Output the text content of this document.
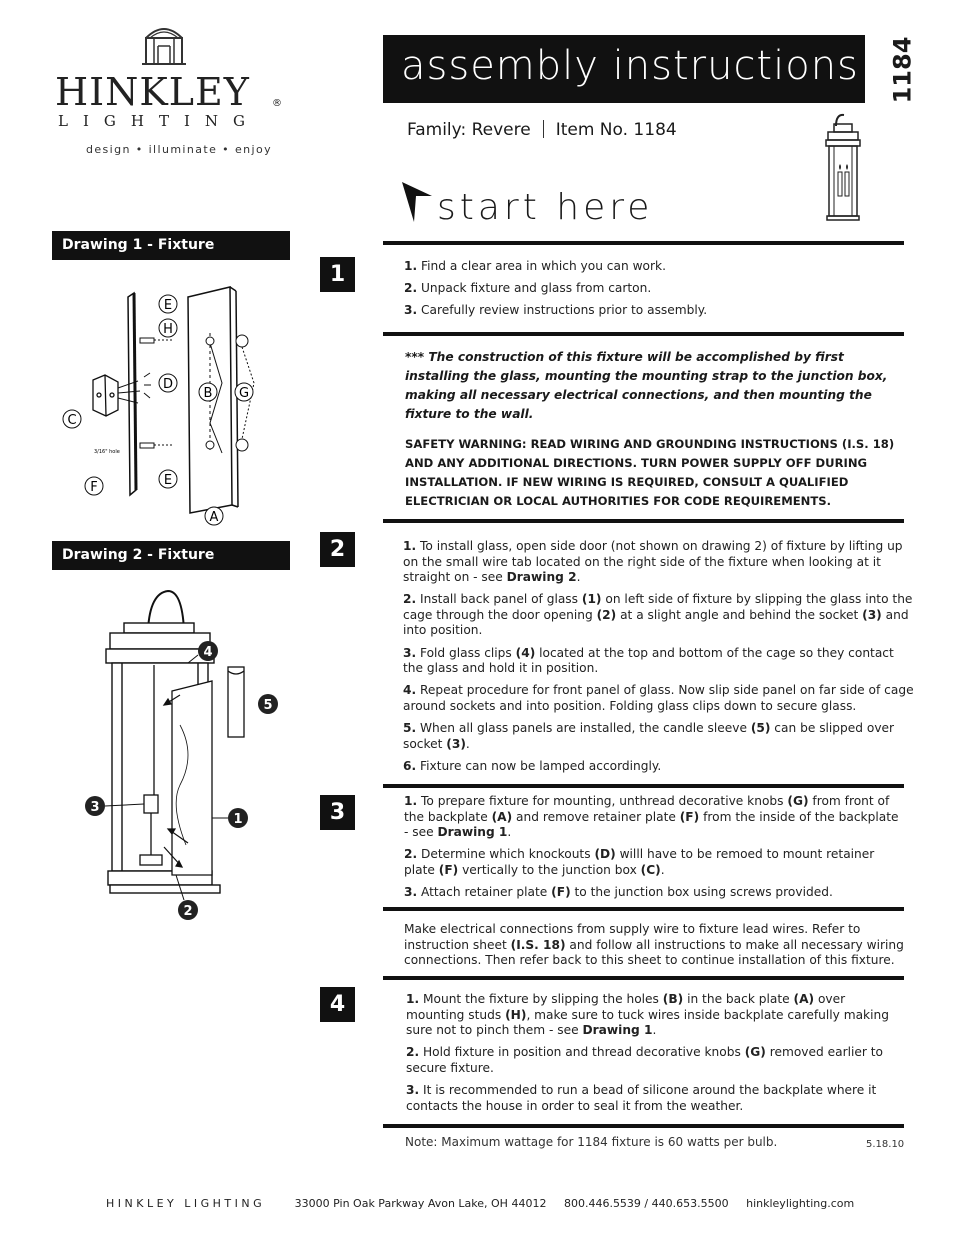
HINKLEY ®
LIGHTING
design • illuminate • enjoy
assembly instructions 1184
Family: Revere Item No. 1184
start here
Drawing 1 - Fixture Mounting
E
H
D
B G
C
F	E
A
3/16" hole
Drawing 2 - Fixture Assembly
4
5
3
1
2
1
2
3
4

1. Find a clear area in which you can work.

2. Unpack fixture and glass from carton.

3. Carefully review instructions prior to assembly.

*** The construction of this fixture will be accomplished by first installing the glass, mounting the mounting strap to the junction box, making all necessary electrical connections, and then mounting the fixture to the wall.
SAFETY WARNING: READ WIRING AND GROUNDING INSTRUCTIONS (I.S. 18) AND ANY ADDITIONAL DIRECTIONS. TURN POWER SUPPLY OFF DURING INSTALLATION. IF NEW WIRING IS REQUIRED, CONSULT A QUALIFIED ELECTRICIAN OR LOCAL AUTHORITIES FOR CODE REQUIREMENTS.

1. To install glass, open side door (not shown on drawing 2) of fixture by lifting up on the small wire tab located on the right side of the fixture when looking at it straight on - see Drawing 2.

2. Install back panel of glass (1) on left side of fixture by slipping the glass into the cage through the door opening (2) at a slight angle and behind the socket (3) and into position.

3. Fold glass clips (4) located at the top and bottom of the cage so they contact the glass and hold it in position.

4. Repeat procedure for front panel of glass. Now slip side panel on far side of cage around sockets and into position. Folding glass clips down to secure glass.

5. When all glass panels are installed, the candle sleeve (5) can be slipped over socket (3).

6. Fixture can now be lamped accordingly.

1. To prepare fixture for mounting, unthread decorative knobs (G) from front of the backplate (A) and remove retainer plate (F) from the inside of the backplate - see Drawing 1.

2. Determine which knockouts (D) willl have to be remoed to mount retainer plate (F) vertically to the junction box (C).

3. Attach retainer plate (F) to the junction box using screws provided.

Make electrical connections from supply wire to fixture lead wires. Refer to instruction sheet (I.S. 18) and follow all instructions to make all necessary wiring connections. Then refer back to this sheet to continue installation of this fixture.

1. Mount the fixture by slipping the holes (B) in the back plate (A) over mounting studs (H), make sure to tuck wires inside backplate carefully making sure not to pinch them - see Drawing 1.

2. Hold fixture in position and thread decorative knobs (G) removed earlier to secure fixture.

3. It is recommended to run a bead of silicone around the backplate where it contacts the house in order to seal it from the weather.

Note: Maximum wattage for 1184 fixture is 60 watts per bulb.	5.18.10
HINKLEY LIGHTING	33000 Pin Oak Parkway Avon Lake, OH 44012 800.446.5539 / 440.653.5500 hinkleylighting.com
